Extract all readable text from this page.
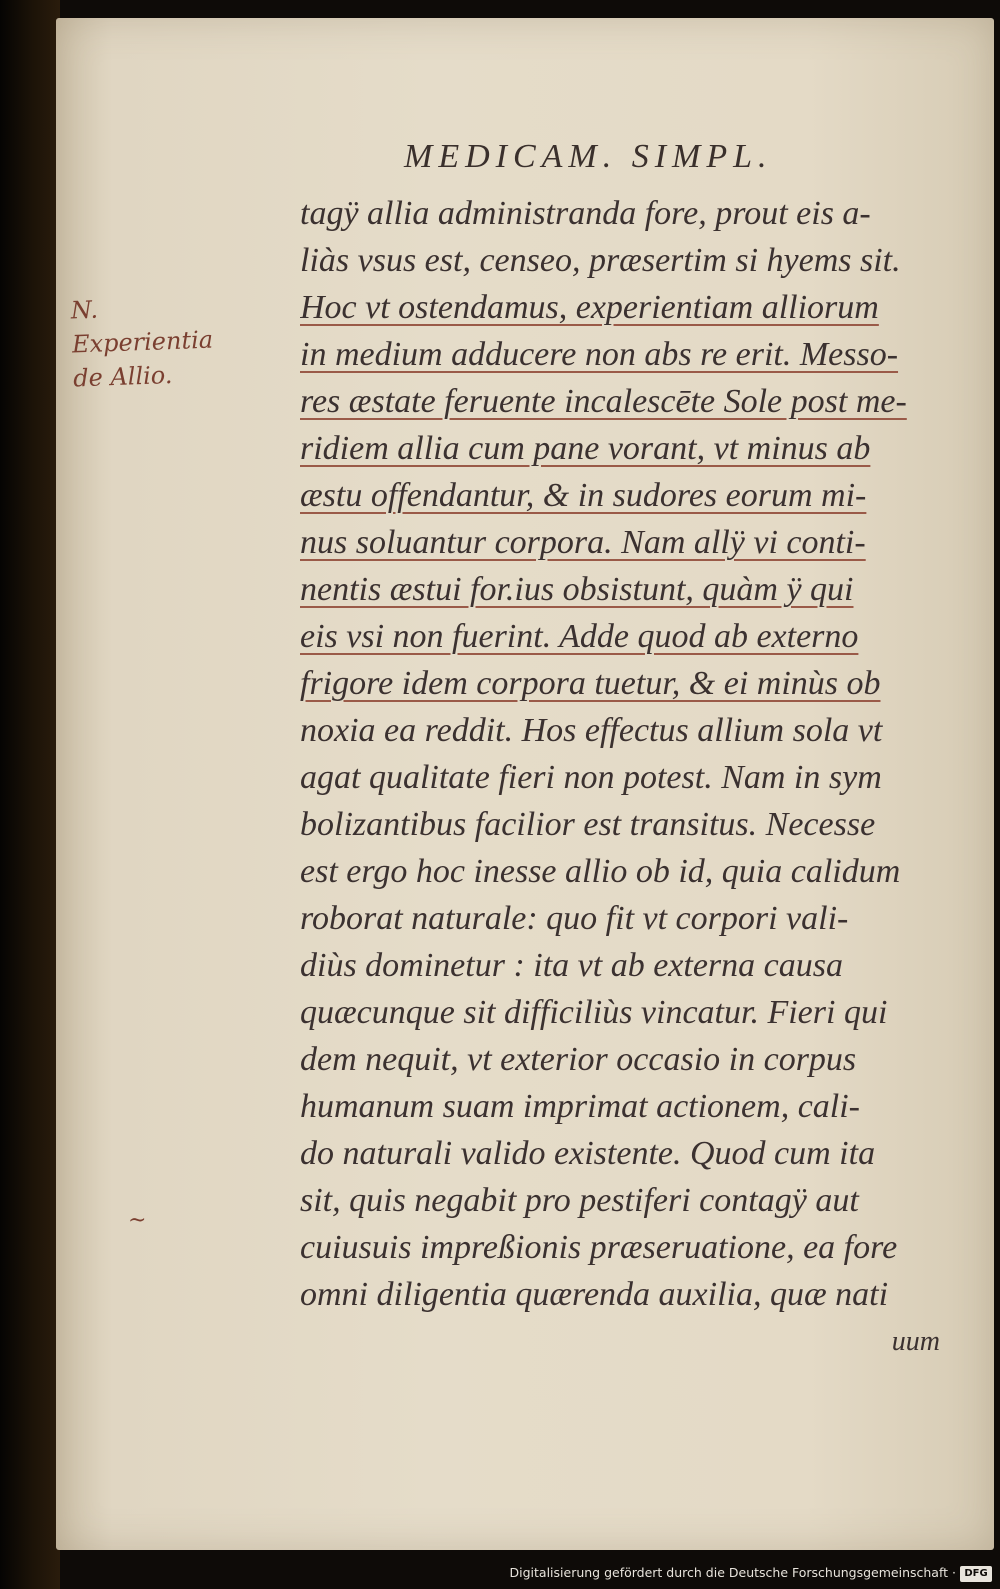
MEDICAM. SIMPL.
tagÿ allia administranda fore, prout eis a-
liàs vsus est, censeo, præsertim si hyems sit.
Hoc vt ostendamus, experientiam alliorum
in medium adducere non abs re erit. Messo-
res æstate feruente incalescēte Sole post me-
ridiem allia cum pane vorant, vt minus ab
æstu offendantur, & in sudores eorum mi-
nus soluantur corpora. Nam allÿ vi conti-
nentis æstui for.ius obsistunt, quàm ÿ qui
eis vsi non fuerint. Adde quod ab externo
frigore idem corpora tuetur, & ei minùs ob
noxia ea reddit. Hos effectus allium sola vt
agat qualitate fieri non potest. Nam in sym
bolizantibus facilior est transitus. Necesse
est ergo hoc inesse allio ob id, quia calidum
roborat naturale: quo fit vt corpori vali-
diùs dominetur : ita vt ab externa causa
quæcunque sit difficiliùs vincatur. Fieri qui
dem nequit, vt exterior occasio in corpus
humanum suam imprimat actionem, cali-
do naturali valido existente. Quod cum ita
sit, quis negabit pro pestiferi contagÿ aut
cuiusuis impreßionis præseruatione, ea fore
omni diligentia quærenda auxilia, quæ nati
uum
N.
Experientia
de Allio.
~
Digitalisierung gefördert durch die Deutsche Forschungsgemeinschaft · DFG
